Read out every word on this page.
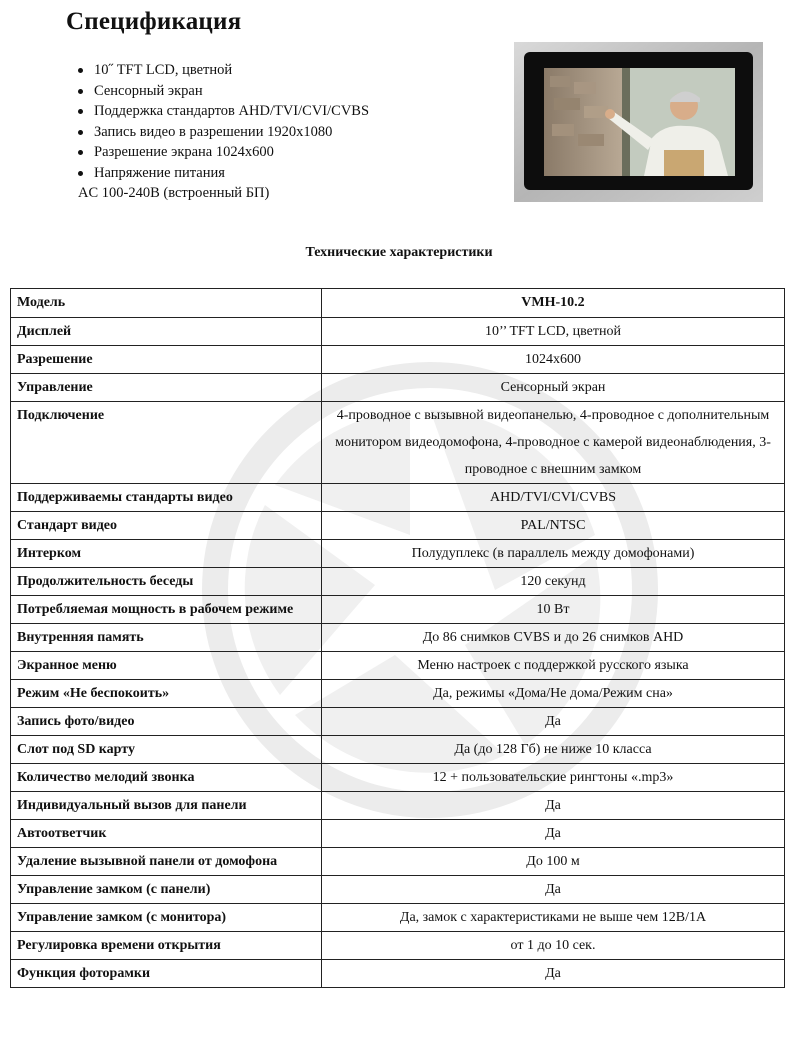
Спецификация
10˝ TFT LCD, цветной
Сенсорный экран
Поддержка стандартов AHD/TVI/CVI/CVBS
Запись видео в разрешении 1920х1080
Разрешение экрана 1024х600
Напряжение питания
AC 100-240В (встроенный БП)
Технические характеристики
Модель	VMH-10.2
Дисплей	10’’ TFT LCD, цветной
Разрешение	1024х600
Управление	Сенсорный экран
Подключение	4-проводное с вызывной видеопанелью, 4-проводное с дополнительным монитором видеодомофона, 4-проводное с камерой видеонаблюдения, 3-проводное с внешним замком
Поддерживаемы стандарты видео	AHD/TVI/CVI/CVBS
Стандарт видео	PAL/NTSC
Интерком	Полудуплекс (в параллель между домофонами)
Продолжительность беседы	120 секунд
Потребляемая мощность в рабочем режиме	10 Вт
Внутренняя память	До 86 снимков CVBS и до 26 снимков AHD
Экранное меню	Меню настроек с поддержкой русского языка
Режим «Не беспокоить»	Да, режимы «Дома/Не дома/Режим сна»
Запись фото/видео	Да
Слот под SD карту	Да (до 128 Гб) не ниже 10 класса
Количество мелодий звонка	12 + пользовательские рингтоны «.mp3»
Индивидуальный вызов для панели	Да
Автоответчик	Да
Удаление вызывной панели от домофона	До 100 м
Управление замком (с панели)	Да
Управление замком (с монитора)	Да, замок с характеристиками не выше чем 12В/1А
Регулировка времени открытия	от 1 до 10 сек.
Функция фоторамки	Да
